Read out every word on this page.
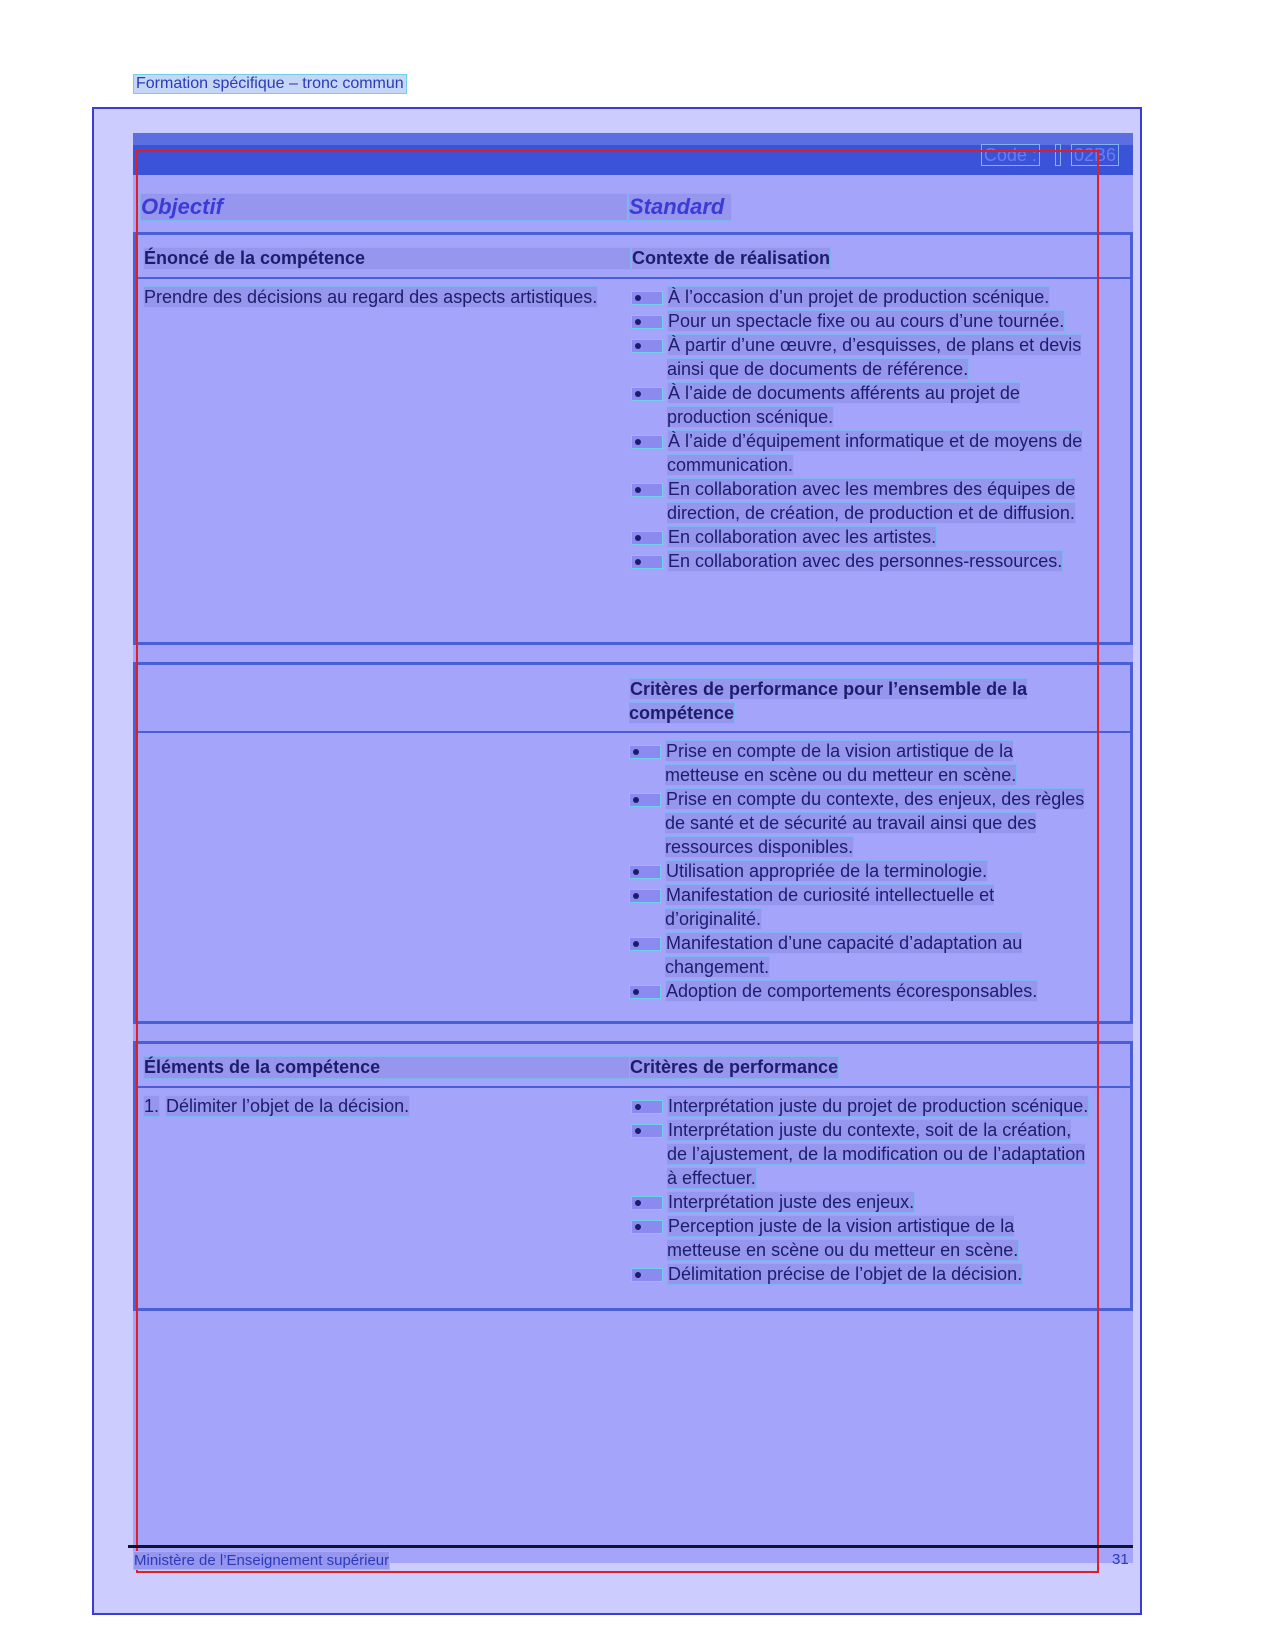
Formation spécifique – tronc commun
Code : 02B6
Objectif	Standard
Énoncé de la compétence	Contexte de réalisation
Prendre des décisions au regard des aspects artistiques.	À l’occasion d’un projet de production scénique.
Pour un spectacle fixe ou au cours d’une tournée.
À partir d’une œuvre, d’esquisses, de plans et devis ainsi que de documents de référence.
À l’aide de documents afférents au projet de production scénique.
À l’aide d’équipement informatique et de moyens de communication.
En collaboration avec les membres des équipes de direction, de création, de production et de diffusion.
En collaboration avec les artistes.
En collaboration avec des personnes-ressources.
Critères de performance pour l’ensemble de la compétence
Prise en compte de la vision artistique de la metteuse en scène ou du metteur en scène.
Prise en compte du contexte, des enjeux, des règles de santé et de sécurité au travail ainsi que des ressources disponibles.
Utilisation appropriée de la terminologie.
Manifestation de curiosité intellectuelle et d’originalité.
Manifestation d’une capacité d’adaptation au changement.
Adoption de comportements écoresponsables.
Éléments de la compétence	Critères de performance
1. Délimiter l’objet de la décision.	Interprétation juste du projet de production scénique.
Interprétation juste du contexte, soit de la création, de l’ajustement, de la modification ou de l’adaptation à effectuer.
Interprétation juste des enjeux.
Perception juste de la vision artistique de la metteuse en scène ou du metteur en scène.
Délimitation précise de l’objet de la décision.
Ministère de l’Enseignement supérieur	31
